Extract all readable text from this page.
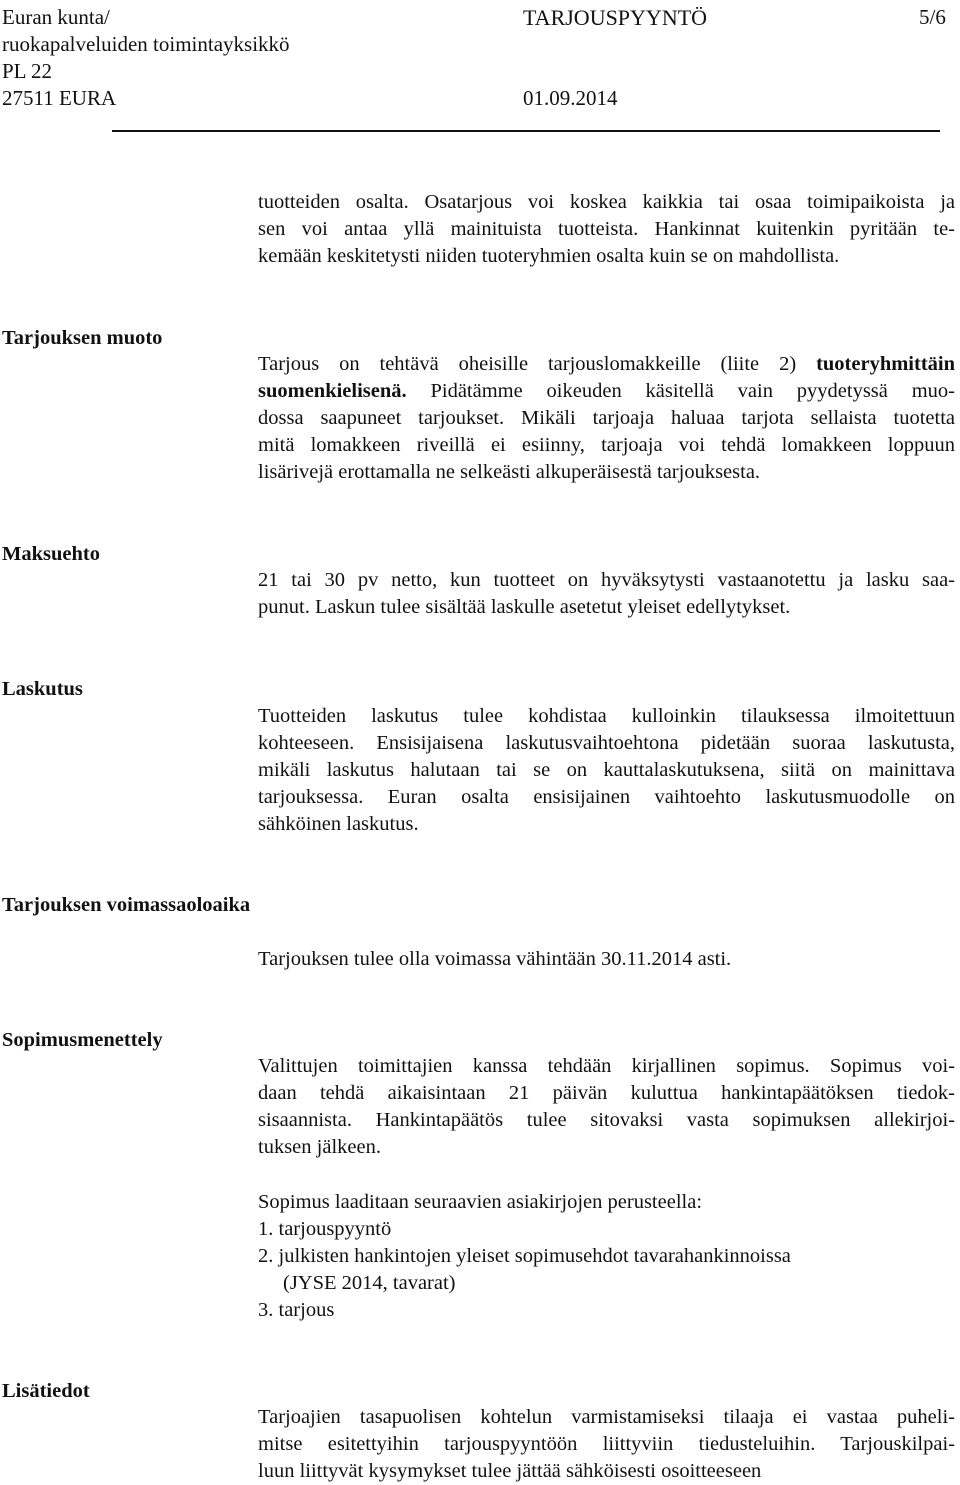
Euran kunta/
ruokapalveluiden toimintayksikkö
PL 22
27511 EURA
TARJOUSPYYNTÖ
01.09.2014
5/6
tuotteiden osalta. Osatarjous voi koskea kaikkia tai osaa toimipaikoista ja
sen voi antaa yllä mainituista tuotteista. Hankinnat kuitenkin pyritään te-
kemään keskitetysti niiden tuoteryhmien osalta kuin se on mahdollista.
Tarjouksen muoto
Tarjous on tehtävä oheisille tarjouslomakkeille (liite 2) tuoteryhmittäin
suomenkielisenä. Pidätämme oikeuden käsitellä vain pyydetyssä muo-
dossa saapuneet tarjoukset. Mikäli tarjoaja haluaa tarjota sellaista tuotetta
mitä lomakkeen riveillä ei esiinny, tarjoaja voi tehdä lomakkeen loppuun
lisärivejä erottamalla ne selkeästi alkuperäisestä tarjouksesta.
Maksuehto
21 tai 30 pv netto, kun tuotteet on hyväksytysti vastaanotettu ja lasku saa-
punut. Laskun tulee sisältää laskulle asetetut yleiset edellytykset.
Laskutus
Tuotteiden laskutus tulee kohdistaa kulloinkin tilauksessa ilmoitettuun
kohteeseen. Ensisijaisena laskutusvaihtoehtona pidetään suoraa laskutusta,
mikäli laskutus halutaan tai se on kauttalaskutuksena, siitä on mainittava
tarjouksessa. Euran osalta ensisijainen vaihtoehto laskutusmuodolle on
sähköinen laskutus.
Tarjouksen voimassaoloaika
Tarjouksen tulee olla voimassa vähintään 30.11.2014 asti.
Sopimusmenettely
Valittujen toimittajien kanssa tehdään kirjallinen sopimus. Sopimus voi-
daan tehdä aikaisintaan 21 päivän kuluttua hankintapäätöksen tiedok-
sisaannista. Hankintapäätös tulee sitovaksi vasta sopimuksen allekirjoi-
tuksen jälkeen.
Sopimus laaditaan seuraavien asiakirjojen perusteella:
1. tarjouspyyntö
2. julkisten hankintojen yleiset sopimusehdot tavarahankinnoissa
(JYSE 2014, tavarat)
3. tarjous
Lisätiedot
Tarjoajien tasapuolisen kohtelun varmistamiseksi tilaaja ei vastaa puheli-
mitse esitettyihin tarjouspyyntöön liittyviin tiedusteluihin. Tarjouskilpai-
luun liittyvät kysymykset tulee jättää sähköisesti osoitteeseen
